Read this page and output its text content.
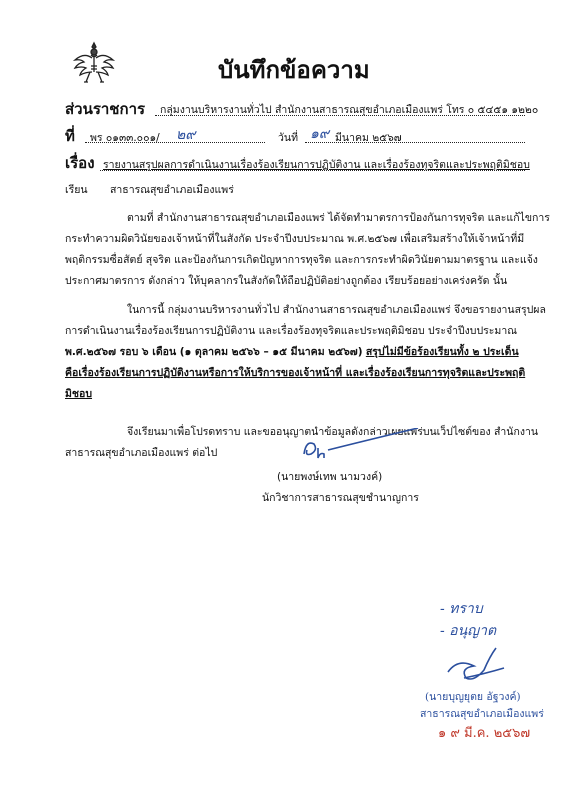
บันทึกข้อความ
ส่วนราชการ กลุ่มงานบริหารงานทั่วไป สำนักงานสาธารณสุขอำเภอเมืองแพร่ โทร ๐ ๕๔๕๑ ๑๒๒๐
ที่ พร ๐๑๓๓.๐๐๑/ ๒๙	วันที่ ๑๙ มีนาคม ๒๕๖๗
เรื่อง รายงานสรุปผลการดำเนินงานเรื่องร้องเรียนการปฏิบัติงาน และเรื่องร้องทุจริตและประพฤติมิชอบ
เรียน สาธารณสุขอำเภอเมืองแพร่

ตามที่ สำนักงานสาธารณสุขอำเภอเมืองแพร่ ได้จัดทำมาตรการป้องกันการทุจริต และแก้ไขการ

กระทำความผิดวินัยของเจ้าหน้าที่ในสังกัด ประจำปีงบประมาณ พ.ศ.๒๕๖๗ เพื่อเสริมสร้างให้เจ้าหน้าที่มี

พฤติกรรมซื่อสัตย์ สุจริต และป้องกันการเกิดปัญหาการทุจริต และการกระทำผิดวินัยตามมาตรฐาน และแจ้ง

ประกาศมาตรการ ดังกล่าว ให้บุคลากรในสังกัดให้ถือปฏิบัติอย่างถูกต้อง เรียบร้อยอย่างเคร่งครัด นั้น

ในการนี้ กลุ่มงานบริหารงานทั่วไป สำนักงานสาธารณสุขอำเภอเมืองแพร่ จึงขอรายงานสรุปผล

การดำเนินงานเรื่องร้องเรียนการปฏิบัติงาน และเรื่องร้องทุจริตและประพฤติมิชอบ ประจำปีงบประมาณ

พ.ศ.๒๕๖๗ รอบ ๖ เดือน (๑ ตุลาคม ๒๕๖๖ – ๑๕ มีนาคม ๒๕๖๗) สรุปไม่มีข้อร้องเรียนทั้ง ๒ ประเด็น

คือเรื่องร้องเรียนการปฏิบัติงานหรือการให้บริการของเจ้าหน้าที่ และเรื่องร้องเรียนการทุจริตและประพฤติ

มิชอบ

จึงเรียนมาเพื่อโปรดทราบ และขออนุญาตนำข้อมูลดังกล่าวเผยแพร่บนเว็ปไซต์ของ สำนักงาน

สาธารณสุขอำเภอเมืองแพร่ ต่อไป

(นายพงษ์เทพ นามวงค์)
นักวิชาการสาธารณสุขชำนาญการ
- ทราบ
- อนุญาต
(นายบุญยุตย อัฐวงค์)
สาธารณสุขอำเภอเมืองแพร่
๑ ๙ มี.ค. ๒๕๖๗
